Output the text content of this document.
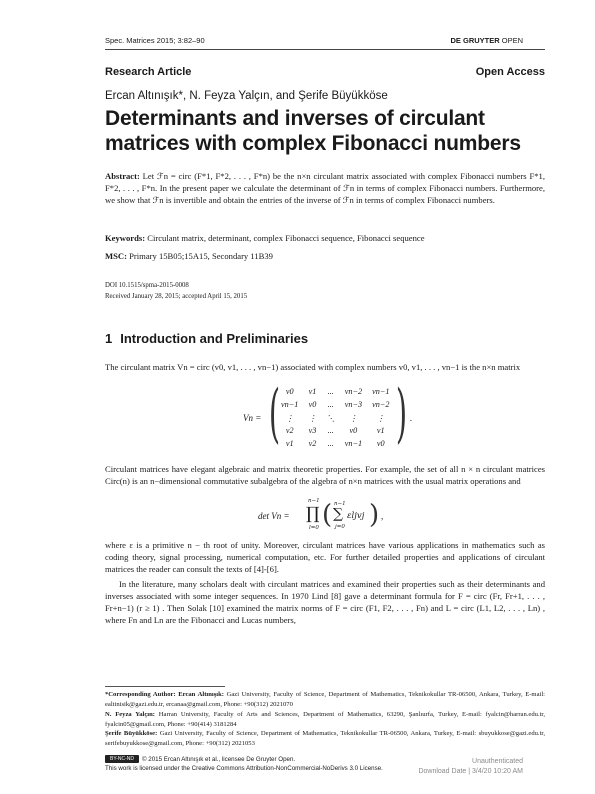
Spec. Matrices 2015; 3:82–90	DE GRUYTER OPEN
Research Article	Open Access
Ercan Altınışık*, N. Feyza Yalçın, and Şerife Büyükköse
Determinants and inverses of circulant matrices with complex Fibonacci numbers
Abstract: Let ℱn = circ (F*1, F*2, . . . , F*n) be the n×n circulant matrix associated with complex Fibonacci numbers F*1, F*2, . . . , F*n. In the present paper we calculate the determinant of ℱn in terms of complex Fibonacci numbers. Furthermore, we show that ℱn is invertible and obtain the entries of the inverse of ℱn in terms of complex Fibonacci numbers.
Keywords: Circulant matrix, determinant, complex Fibonacci sequence, Fibonacci sequence
MSC: Primary 15B05;15A15, Secondary 11B39
DOI 10.1515/spma-2015-0008
Received January 28, 2015; accepted April 15, 2015
1 Introduction and Preliminaries
The circulant matrix Vn = circ (v0, v1, . . . , vn−1) associated with complex numbers v0, v1, . . . , vn−1 is the n×n matrix
Vn = ( v0	v1	...	vn−2	vn−1
vn−1	v0	...	vn−3	vn−2
⋮	⋮	⋱	⋮	⋮
v2	v3	...	v0	v1
v1	v2	...	vn−1	v0 ) .
Circulant matrices have elegant algebraic and matrix theoretic properties. For example, the set of all n × n circulant matrices Circ(n) is an n−dimensional commutative subalgebra of the algebra of n×n matrices with the usual matrix operations and
det Vn =
n−1
∏
l=0 ( n−1
∑
j=0
εljvj ) ,
where ε is a primitive n − th root of unity. Moreover, circulant matrices have various applications in mathematics such as coding theory, signal processing, numerical computation, etc. For further detailed properties and applications of circulant matrices the reader can consult the texts of [4]-[6].
In the literature, many scholars dealt with circulant matrices and examined their properties such as their determinants and inverses associated with some integer sequences. In 1970 Lind [8] gave a determinant formula for F = circ (Fr, Fr+1, . . . , Fr+n−1) (r ≥ 1) . Then Solak [10] examined the matrix norms of F = circ (F1, F2, . . . , Fn) and L = circ (L1, L2, . . . , Ln) , where Fn and Ln are the Fibonacci and Lucas numbers,
*Corresponding Author: Ercan Altınışık: Gazi University, Faculty of Science, Department of Mathematics, Teknikokullar TR-06500, Ankara, Turkey, E-mail: ealtinisik@gazi.edu.tr, ercanaa@gmail.com, Phone: +90(312) 2021070
N. Feyza Yalçın: Harran University, Faculty of Arts and Sciences, Department of Mathematics, 63290, Şanlıurfa, Turkey, E-mail: fyalcin@harran.edu.tr, fyalcin05@gmail.com, Phone: +90(414) 3181284
Şerife Büyükköse: Gazi University, Faculty of Science, Department of Mathematics, Teknikokullar TR-06500, Ankara, Turkey, E-mail: sbuyukkose@gazi.edu.tr, serifebuyukkose@gmail.com, Phone: +90(312) 2021053
BY-NC-ND	© 2015 Ercan Altınışık et al., licensee De Gruyter Open.
This work is licensed under the Creative Commons Attribution-NonCommercial-NoDerivs 3.0 License.
Unauthenticated
Download Date | 3/4/20 10:20 AM
